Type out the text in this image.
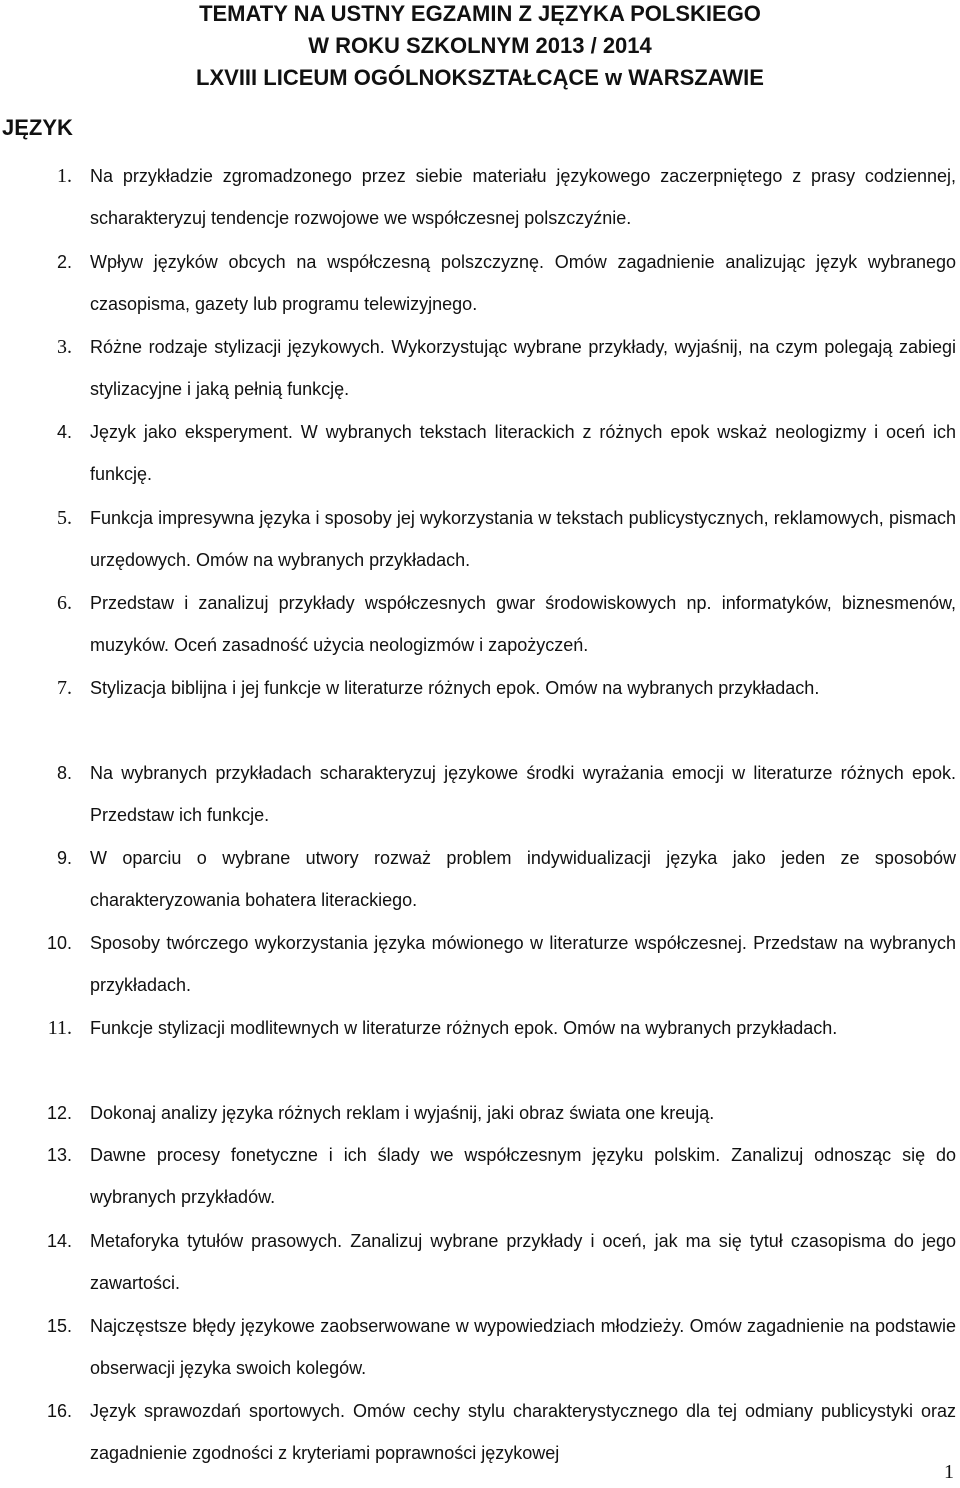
TEMATY NA USTNY EGZAMIN Z JĘZYKA POLSKIEGO
W ROKU SZKOLNYM 2013 / 2014
LXVIII LICEUM OGÓLNOKSZTAŁCĄCE w WARSZAWIE
JĘZYK
1. Na przykładzie zgromadzonego przez siebie materiału językowego zaczerpniętego z prasy codziennej, scharakteryzuj tendencje rozwojowe we współczesnej polszczyźnie.
2. Wpływ języków obcych na współczesną polszczyznę. Omów zagadnienie analizując język wybranego czasopisma, gazety lub programu telewizyjnego.
3. Różne rodzaje stylizacji językowych. Wykorzystując wybrane przykłady, wyjaśnij, na czym polegają zabiegi stylizacyjne i jaką pełnią funkcję.
4. Język jako eksperyment. W wybranych tekstach literackich z różnych epok wskaż neologizmy i oceń ich funkcję.
5. Funkcja impresywna języka i sposoby jej wykorzystania w tekstach publicystycznych, reklamowych, pismach urzędowych. Omów na wybranych przykładach.
6. Przedstaw i zanalizuj przykłady współczesnych gwar środowiskowych np. informatyków, biznesmenów, muzyków. Oceń zasadność użycia neologizmów i zapożyczeń.
7. Stylizacja biblijna i jej funkcje w literaturze różnych epok. Omów na wybranych przykładach.
8. Na wybranych przykładach scharakteryzuj językowe środki wyrażania emocji w literaturze różnych epok. Przedstaw ich funkcje.
9. W oparciu o wybrane utwory rozważ problem indywidualizacji języka jako jeden ze sposobów charakteryzowania bohatera literackiego.
10. Sposoby twórczego wykorzystania języka mówionego w literaturze współczesnej. Przedstaw na wybranych przykładach.
11. Funkcje stylizacji modlitewnych w literaturze różnych epok. Omów na wybranych przykładach.
12. Dokonaj analizy języka różnych reklam i wyjaśnij, jaki obraz świata one kreują.
13. Dawne procesy fonetyczne i ich ślady we współczesnym języku polskim. Zanalizuj odnosząc się do wybranych przykładów.
14. Metaforyka tytułów prasowych. Zanalizuj wybrane przykłady i oceń, jak ma się tytuł czasopisma do jego zawartości.
15. Najczęstsze błędy językowe zaobserwowane w wypowiedziach młodzieży. Omów zagadnienie na podstawie obserwacji języka swoich kolegów.
16. Język sprawozdań sportowych. Omów cechy stylu charakterystycznego dla tej odmiany publicystyki oraz zagadnienie zgodności z kryteriami poprawności językowej
1
